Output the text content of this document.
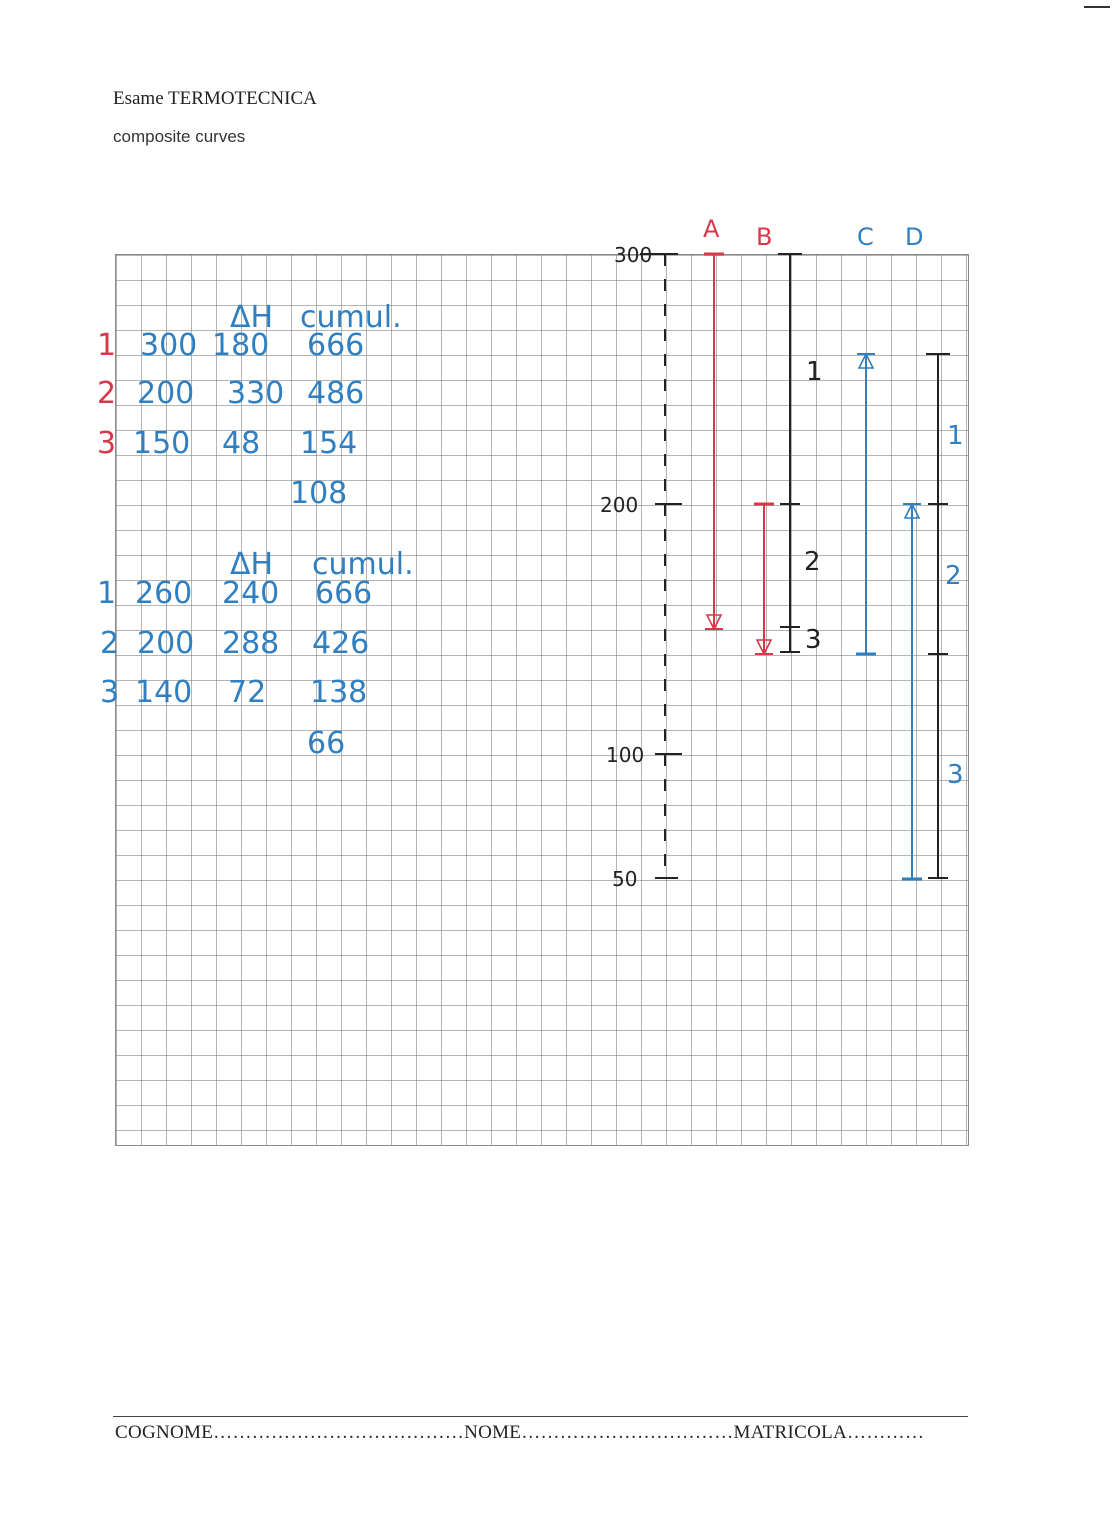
Esame TERMOTECNICA
composite curves
ΔH cumul.
1 300 180 666
2 200 330 486
3 150 48 154
108
ΔH cumul.
1 260 240 666
2 200 288 426
3 140 72 138
66
300
200
100
50
A B	C D
1
2
3
1
2
3
COGNOME…………………………………NOME……………………………MATRICOLA…………
